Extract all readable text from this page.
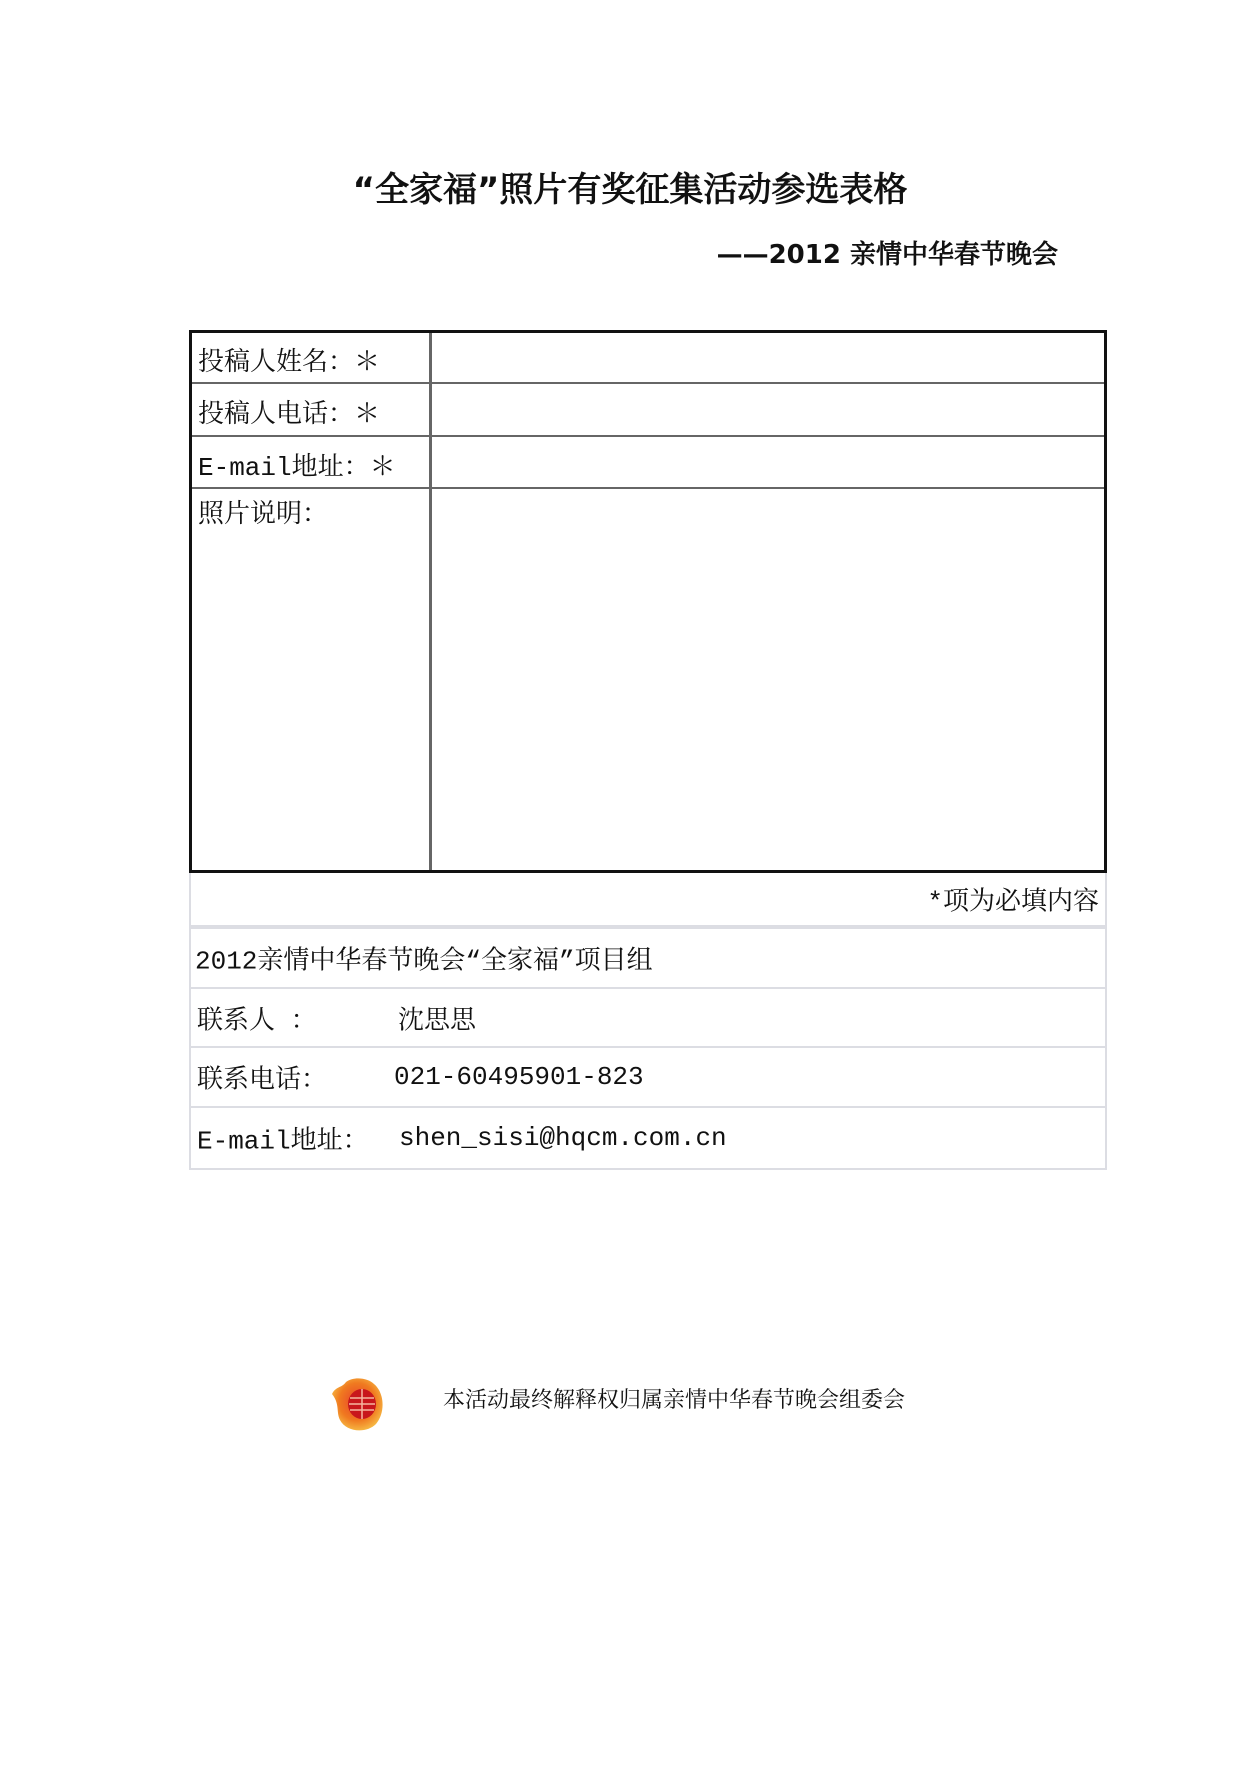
“全家福”照片有奖征集活动参选表格
——2012 亲情中华春节晚会
投稿人姓名：＊
投稿人电话：＊
E-mail地址：＊
照片说明：
*项为必填内容
2012亲情中华春节晚会“全家福”项目组
联系人 ：	沈思思
联系电话：	021-60495901-823
E-mail地址： shen_sisi@hqcm.com.cn
本活动最终解释权归属亲情中华春节晚会组委会
